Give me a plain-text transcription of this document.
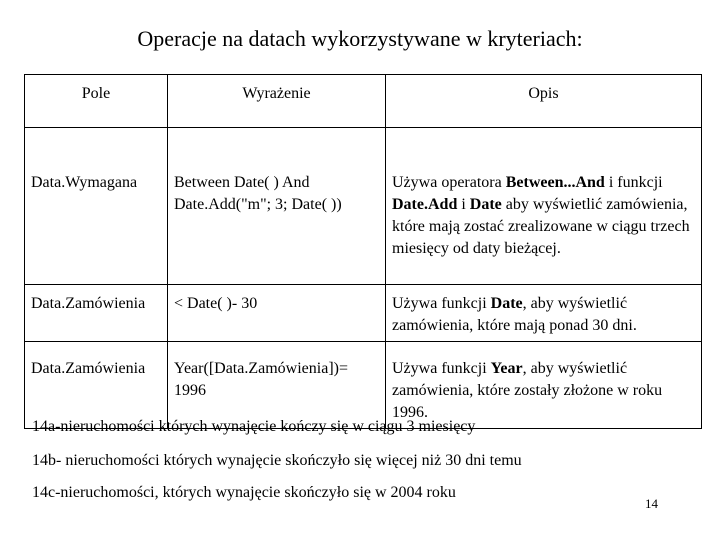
Operacje na datach wykorzystywane w kryteriach:
Pole	Wyrażenie	Opis
Data.Wymagana	Between Date( ) And Date.Add("m"; 3; Date( ))	Używa operatora Between...And i funkcji Date.Add i Date aby wyświetlić zamówienia, które mają zostać zrealizowane w ciągu trzech miesięcy od daty bieżącej.
Data.Zamówienia	< Date( )- 30	Używa funkcji Date, aby wyświetlić zamówienia, które mają ponad 30 dni.
Data.Zamówienia	Year([Data.Zamówienia])= 1996	Używa funkcji Year, aby wyświetlić zamówienia, które zostały złożone w roku 1996.
14a-nieruchomości których wynajęcie kończy się w ciągu 3 miesięcy
14b- nieruchomości których wynajęcie skończyło się więcej niż 30 dni temu
14c-nieruchomości, których wynajęcie skończyło się w 2004 roku
14
